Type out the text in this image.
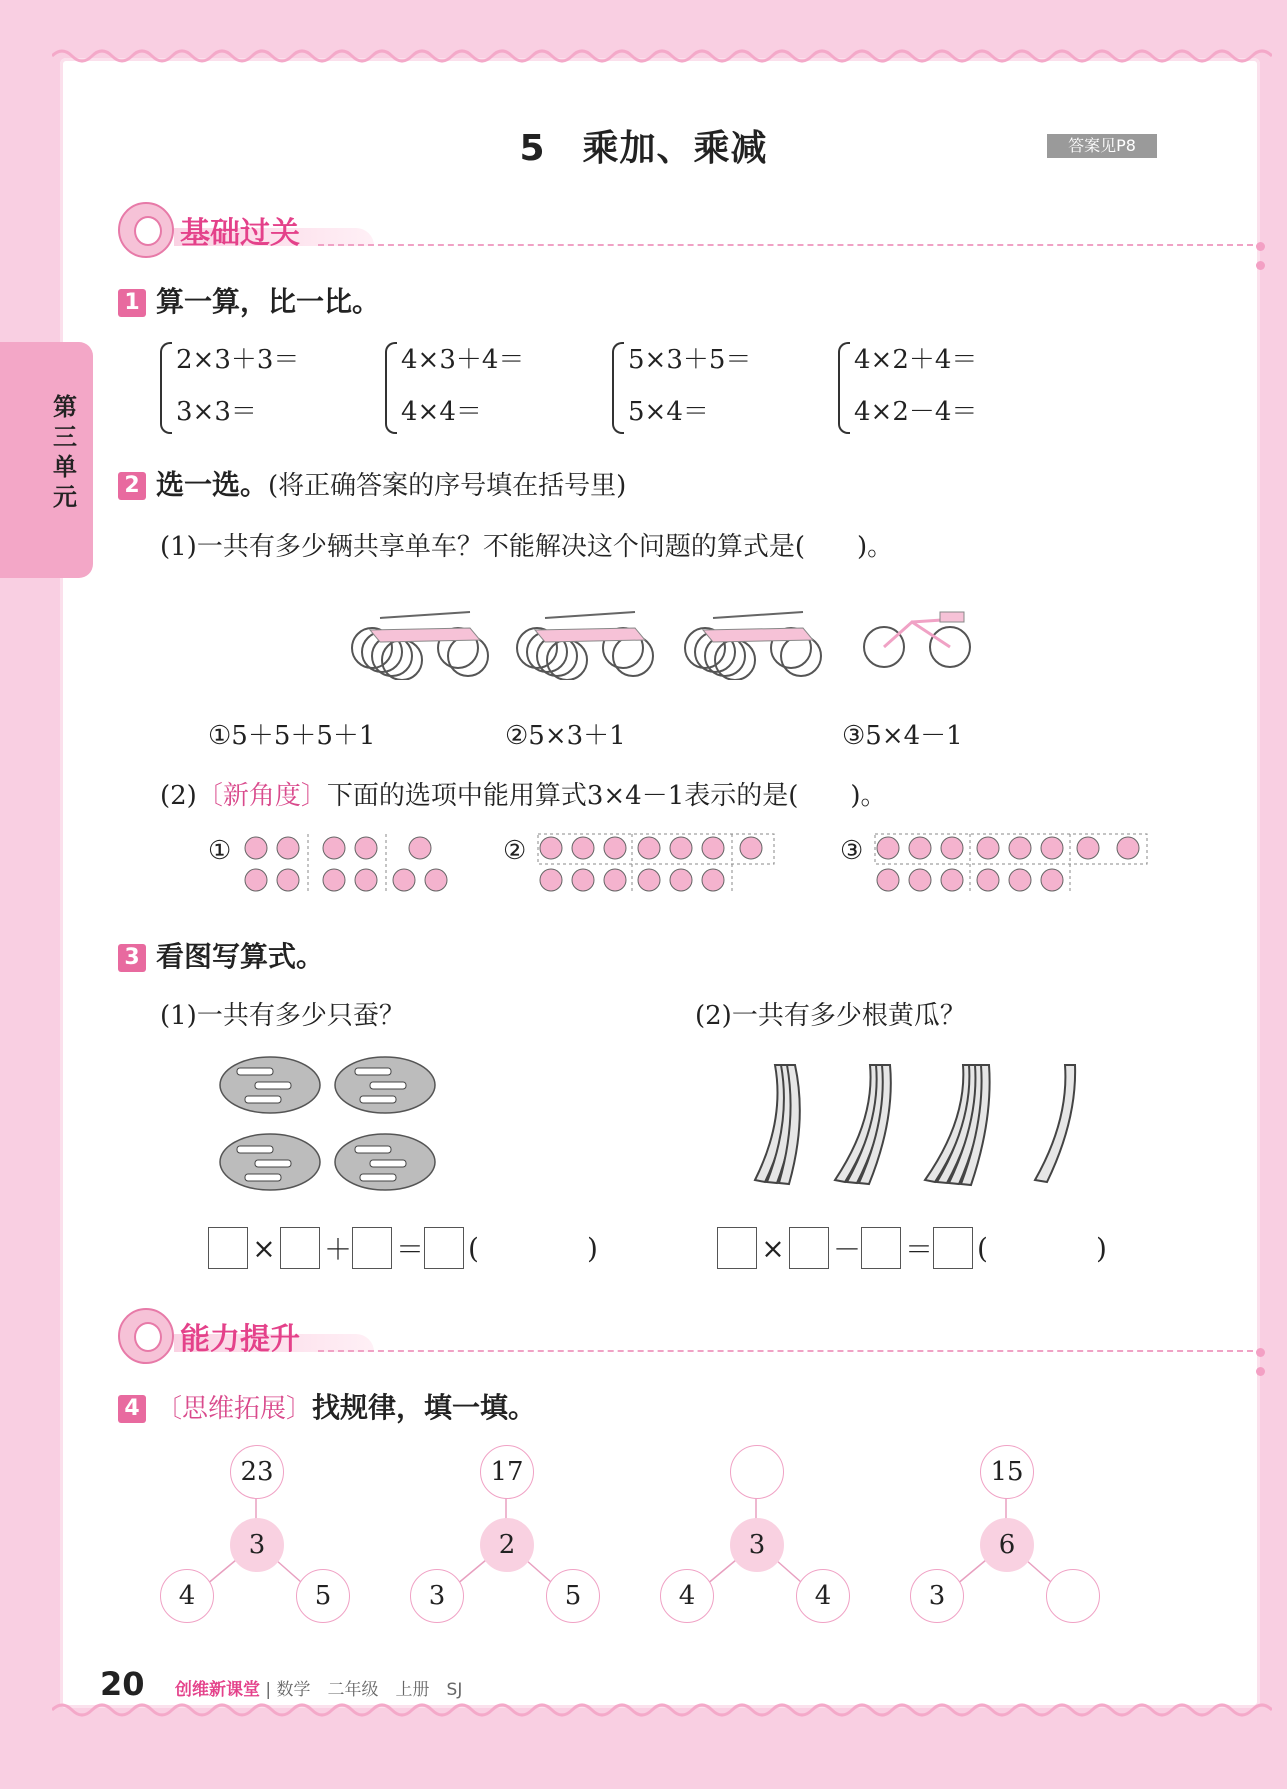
第三单元
5　乘加、乘减	答案见P8
基础过关
1 算一算，比一比。
2×3＋3＝
3×3＝
4×3＋4＝
4×4＝
5×3＋5＝
5×4＝
4×2＋4＝
4×2－4＝
2 选一选。(将正确答案的序号填在括号里)
(1)一共有多少辆共享单车？不能解决这个问题的算式是(　　)。
①5＋5＋5＋1	②5×3＋1	③5×4－1
(2)〔新角度〕下面的选项中能用算式3×4－1表示的是(　　)。
①	②	③
3 看图写算式。
(1)一共有多少只蚕？	(2)一共有多少根黄瓜？
× ＋ ＝ (	)	× － ＝ (	)
能力提升
4 〔思维拓展〕找规律，填一填。
23
3
4	5
17
2
3	5
3
4	4
15
6
3
20 创维新课堂 | 数学　二年级　上册　SJ
